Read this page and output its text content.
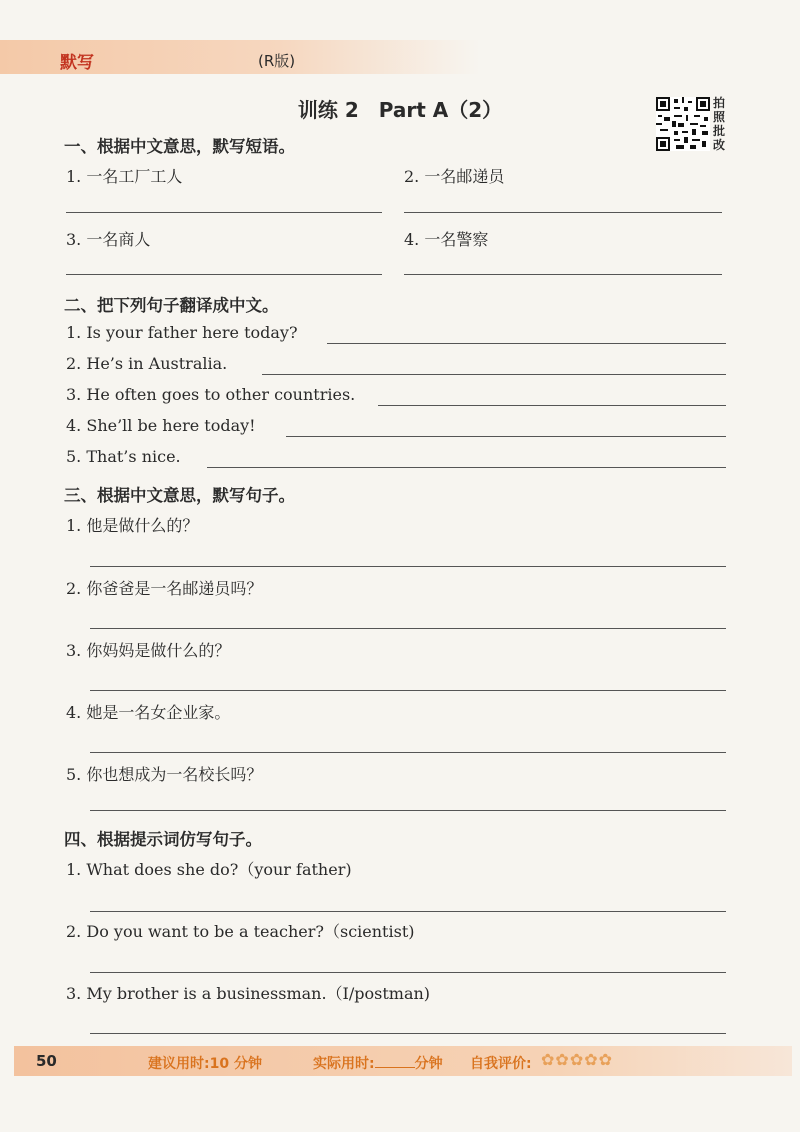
默写	(R版)
训练 2　Part A（2）	拍
照
批
改
一、根据中文意思，默写短语。
1. 一名工厂工人	2. 一名邮递员
3. 一名商人	4. 一名警察
二、把下列句子翻译成中文。
1. Is your father here today?
2. He’s in Australia.
3. He often goes to other countries.
4. She’ll be here today!
5. That’s nice.
三、根据中文意思，默写句子。
1. 他是做什么的？
2. 你爸爸是一名邮递员吗？
3. 你妈妈是做什么的？
4. 她是一名女企业家。
5. 你也想成为一名校长吗？
四、根据提示词仿写句子。
1. What does she do?（your father)
2. Do you want to be a teacher?（scientist)
3. My brother is a businessman.（I/postman)
50	建议用时:10 分钟	实际用时:	分钟 自我评价: ✿✿✿✿✿
